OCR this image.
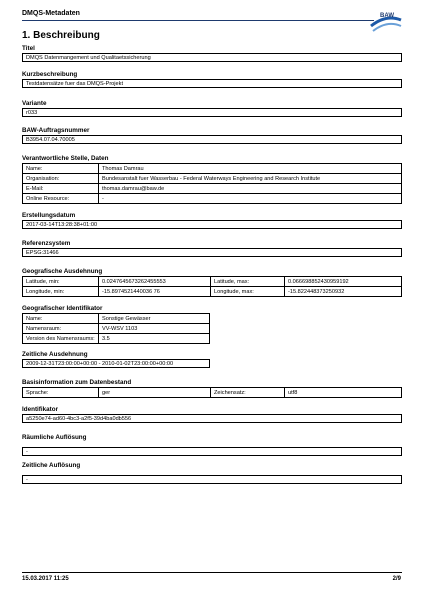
DMQS-Metadaten	BAW
1. Beschreibung
Titel
DMQS Datenmangement und Qualitaetssicherung
Kurzbeschreibung
Testdatensätze fuer das DMQS-Projekt
Variante
r033
BAW-Auftragsnummer
B3954.07.04.70005
Verantwortliche Stelle, Daten
Name:	Thomas Damrau
Organisation:	Bundesanstalt fuer Wasserbau - Federal Waterways Engineering and Research Institute
E-Mail:	thomas.damrau@baw.de
Online Resource:	-
Erstellungsdatum
2017-03-14T13:28:38+01:00
Referenzsystem
EPSG:31466
Geografische Ausdehnung
Latitude, min:	0.0247645673262455553	Latitude, max:	0.066698852430959192
Longitude, min:	-15.8974521440036 76	Longitude, max:	-15.822448373250932
Geografischer Identifikator
Name:	Sonstige Gewässer
Namensraum:	VV-WSV 1103
Version des Namensraums:	3.5
Zeitliche Ausdehnung
2009-12-31T23:00:00+00:00 - 2010-01-02T23:00:00+00:00
Basisinformation zum Datenbestand
Sprache:	ger	Zeichensatz:	utf8
Identifikator
a5250e74-ad60-4bc3-a2f5-39d4ba0db556
Räumliche Auflösung
-
Zeitliche Auflösung
-
15.03.2017 11:25	2/9
